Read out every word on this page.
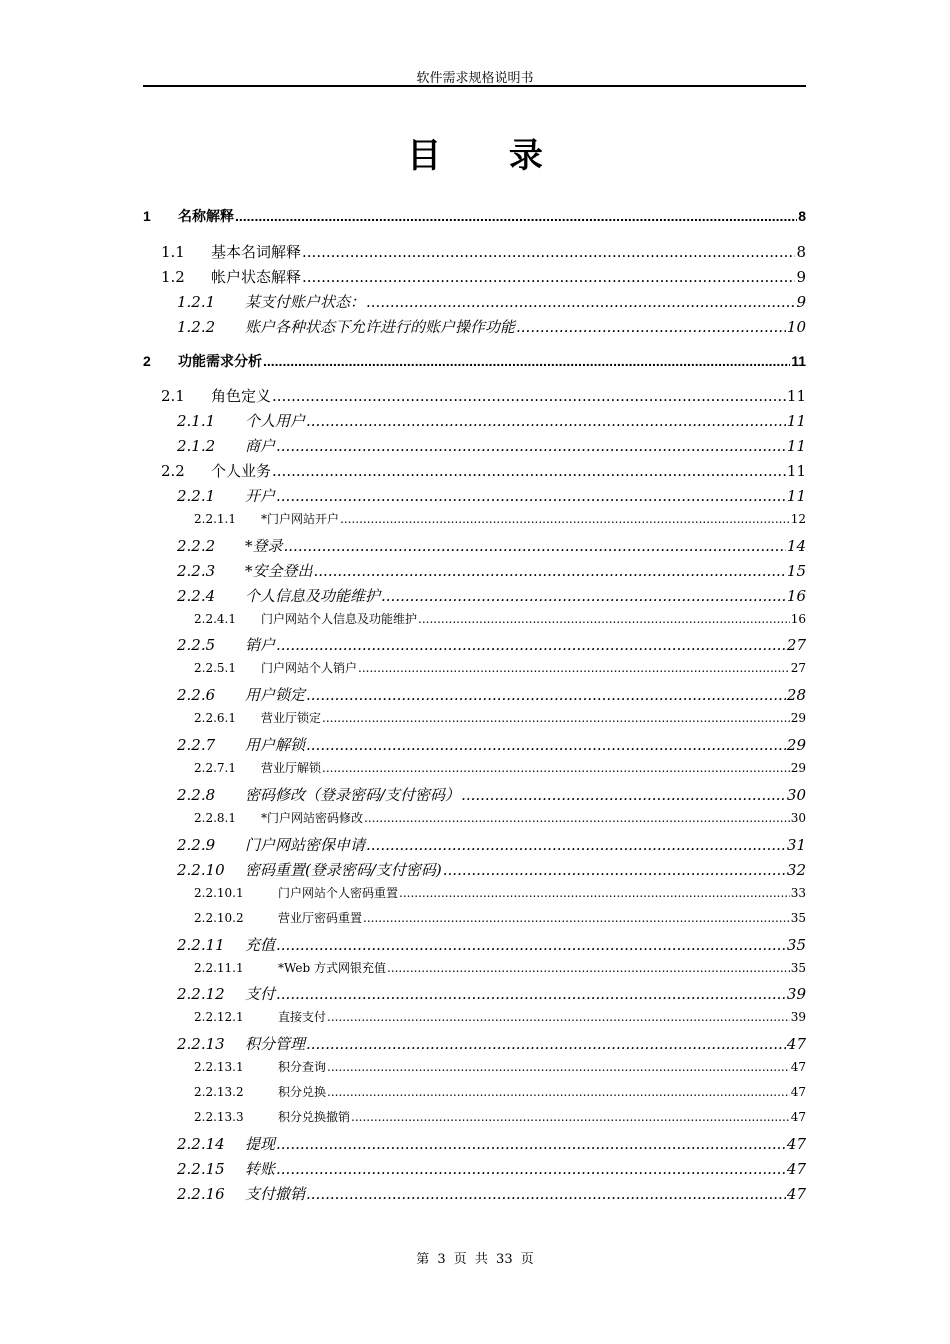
软件需求规格说明书
目 录
1	名称解释 .....	8
1.1	基本名词解释 .....	8
1.2	帐户状态解释 .....	9
1.2.1	某支付账户状态： .....	9
1.2.2	账户各种状态下允许进行的账户操作功能 .....	10
2	功能需求分析 .....	11
2.1	角色定义 .....	11
2.1.1	个人用户 .....	11
2.1.2	商户 .....	11
2.2	个人业务 .....	11
2.2.1	开户 .....	11
2.2.1.1	*门户网站开户 .....	12
2.2.2	*登录 .....	14
2.2.3	*安全登出 .....	15
2.2.4	个人信息及功能维护 .....	16
2.2.4.1	门户网站个人信息及功能维护 .....	16
2.2.5	销户 .....	27
2.2.5.1	门户网站个人销户 .....	27
2.2.6	用户锁定 .....	28
2.2.6.1	营业厅锁定 .....	29
2.2.7	用户解锁 .....	29
2.2.7.1	营业厅解锁 .....	29
2.2.8	密码修改（登录密码/支付密码） .....	30
2.2.8.1	*门户网站密码修改 .....	30
2.2.9	门户网站密保申请 .....	31
2.2.10	密码重置(登录密码/支付密码) .....	32
2.2.10.1	门户网站个人密码重置 .....	33
2.2.10.2	营业厅密码重置 .....	35
2.2.11	充值 .....	35
2.2.11.1	*Web 方式网银充值 .....	35
2.2.12	支付 .....	39
2.2.12.1	直接支付 .....	39
2.2.13	积分管理 .....	47
2.2.13.1	积分查询 .....	47
2.2.13.2	积分兑换 .....	47
2.2.13.3	积分兑换撤销 .....	47
2.2.14	提现 .....	47
2.2.15	转账 .....	47
2.2.16	支付撤销 .....	47
第 3 页 共 33 页
